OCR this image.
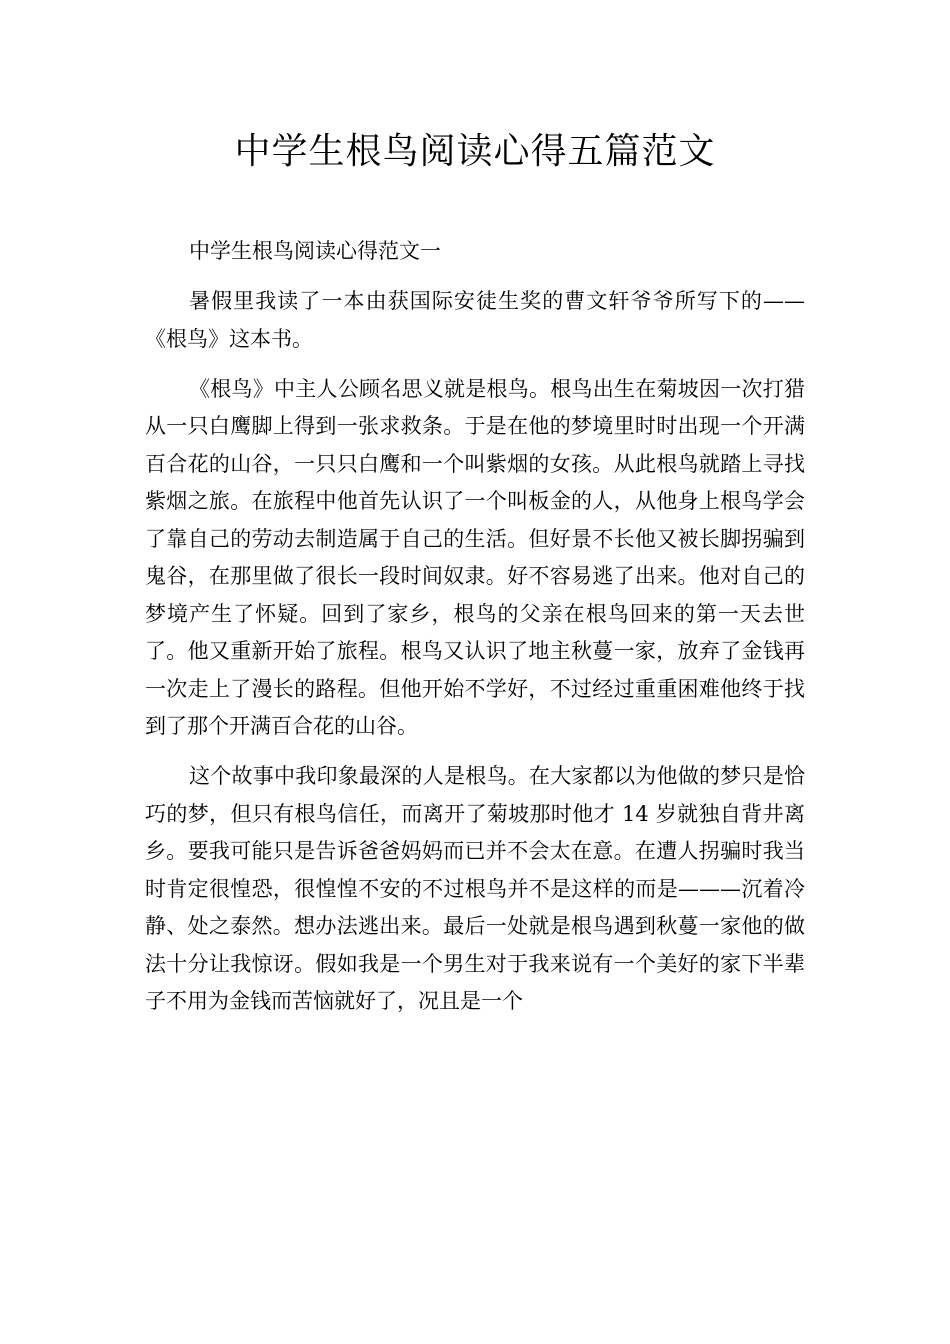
中学生根鸟阅读心得五篇范文

中学生根鸟阅读心得范文一

暑假里我读了一本由获国际安徒生奖的曹文轩爷爷所写下的——《根鸟》这本书。

《根鸟》中主人公顾名思义就是根鸟。根鸟出生在菊坡因一次打猎从一只白鹰脚上得到一张求救条。于是在他的梦境里时时出现一个开满百合花的山谷，一只只白鹰和一个叫紫烟的女孩。从此根鸟就踏上寻找紫烟之旅。在旅程中他首先认识了一个叫板金的人，从他身上根鸟学会了靠自己的劳动去制造属于自己的生活。但好景不长他又被长脚拐骗到鬼谷，在那里做了很长一段时间奴隶。好不容易逃了出来。他对自己的梦境产生了怀疑。回到了家乡，根鸟的父亲在根鸟回来的第一天去世了。他又重新开始了旅程。根鸟又认识了地主秋蔓一家，放弃了金钱再一次走上了漫长的路程。但他开始不学好，不过经过重重困难他终于找到了那个开满百合花的山谷。

这个故事中我印象最深的人是根鸟。在大家都以为他做的梦只是恰巧的梦，但只有根鸟信任，而离开了菊坡那时他才 14 岁就独自背井离乡。要我可能只是告诉爸爸妈妈而已并不会太在意。在遭人拐骗时我当时肯定很惶恐，很惶惶不安的不过根鸟并不是这样的而是———沉着冷静、处之泰然。想办法逃出来。最后一处就是根鸟遇到秋蔓一家他的做法十分让我惊讶。假如我是一个男生对于我来说有一个美好的家下半辈子不用为金钱而苦恼就好了，况且是一个
